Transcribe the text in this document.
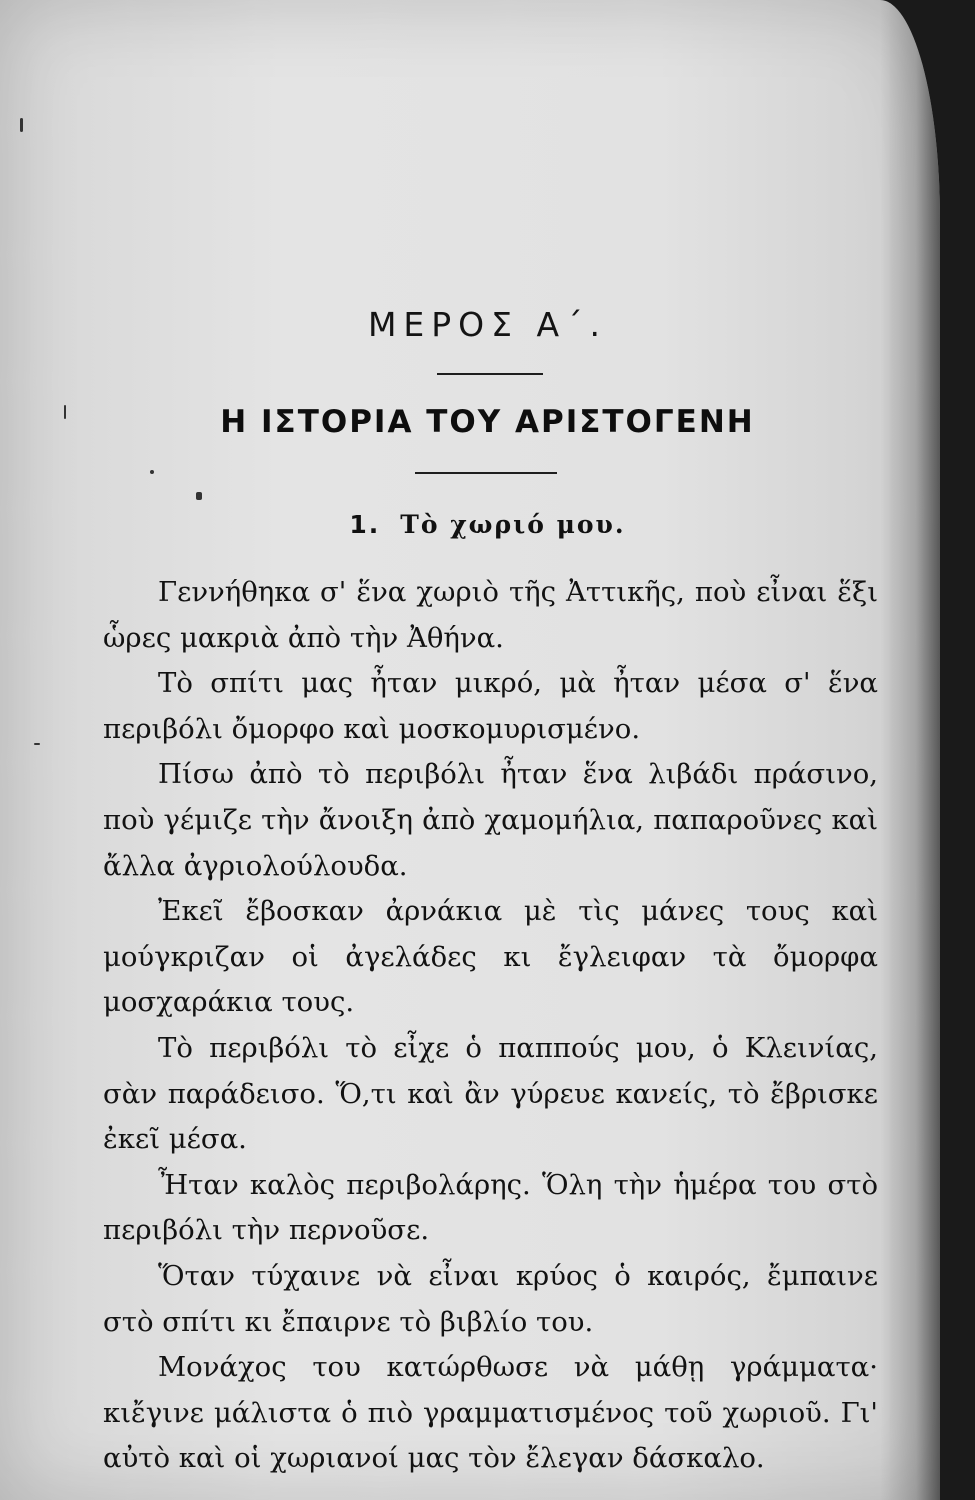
ΜΕΡΟΣ Α΄.
Η ΙΣΤΟΡΙΑ ΤΟΥ ΑΡΙΣΤΟΓΕΝΗ
1. Τὸ χωριό μου.

Γεννήθηκα σ' ἕνα χωριὸ τῆς Ἀττικῆς, ποὺ εἶναι ἕξι ὧρες μακριὰ ἀπὸ τὴν Ἀθήνα.

Τὸ σπίτι μας ἦταν μικρό, μὰ ἦταν μέσα σ' ἕνα περιβόλι ὄμορφο καὶ μοσκομυρισμένο.

Πίσω ἀπὸ τὸ περιβόλι ἦταν ἕνα λιβάδι πράσινο, ποὺ γέμιζε τὴν ἄνοιξη ἀπὸ χαμομήλια, παπαροῦνες καὶ ἄλλα ἀγριολούλουδα.

Ἐκεῖ ἔβοσκαν ἀρνάκια μὲ τὶς μάνες τους καὶ μούγκριζαν οἱ ἀγελάδες κι ἔγλειφαν τὰ ὄμορφα μοσχαράκια τους.

Τὸ περιβόλι τὸ εἶχε ὁ παππούς μου, ὁ Κλεινίας, σὰν παράδεισο. Ὅ,τι καὶ ἂν γύρευε κανείς, τὸ ἔβρισκε ἐκεῖ μέσα.

Ἦταν καλὸς περιβολάρης. Ὅλη τὴν ἡμέρα του στὸ περιβόλι τὴν περνοῦσε.

Ὅταν τύχαινε νὰ εἶναι κρύος ὁ καιρός, ἔμπαινε στὸ σπίτι κι ἔπαιρνε τὸ βιβλίο του.

Μονάχος του κατώρθωσε νὰ μάθῃ γράμματα· κιἔγινε μάλιστα ὁ πιὸ γραμματισμένος τοῦ χωριοῦ. Γι' αὐτὸ καὶ οἱ χωριανοί μας τὸν ἔλεγαν δάσκαλο.
